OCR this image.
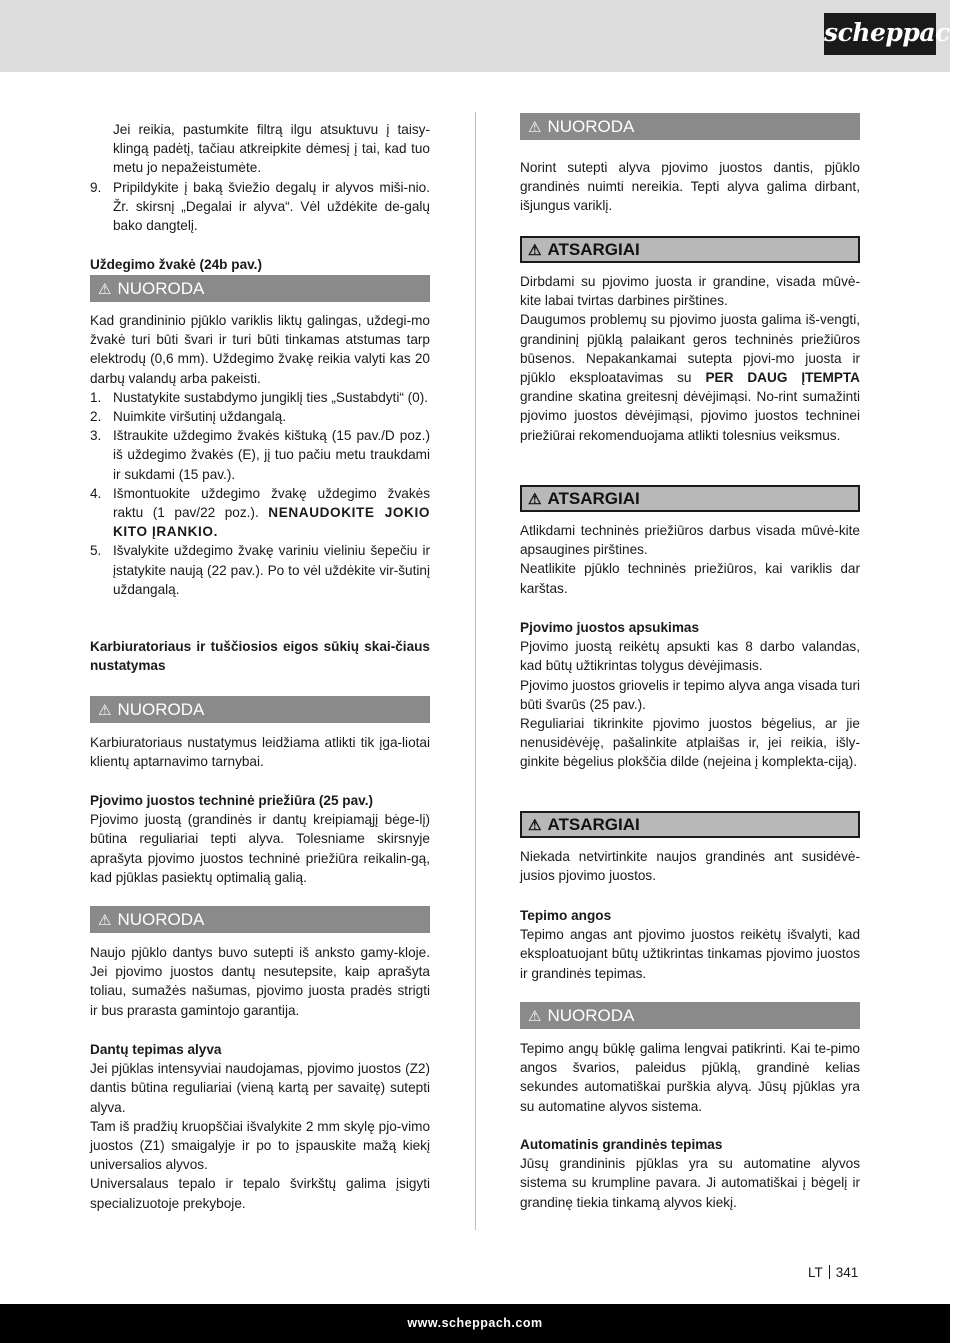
scheppach

Jei reikia, pastumkite filtrą ilgu atsuktuvu į taisy-klingą padėtį, tačiau atkreipkite dėmesį į tai, kad tuo metu jo nepažeistumėte.

9. Pripildykite į baką šviežio degalų ir alyvos miši-nio. Žr. skirsnį „Degalai ir alyva“. Vėl uždėkite de-galų bako dangtelį.

Uždegimo žvakė (24b pav.)

⚠ NUORODA

Kad grandininio pjūklo variklis liktų galingas, uždegi-mo žvakė turi būti švari ir turi būti tinkamas atstumas tarp elektrodų (0,6 mm). Uždegimo žvakę reikia valyti kas 20 darbų valandų arba pakeisti.

1. Nustatykite sustabdymo jungiklį ties „Sustabdyti“ (0).
2. Nuimkite viršutinį uždangalą.
3. Ištraukite uždegimo žvakės kištuką (15 pav./D poz.) iš uždegimo žvakės (E), jį tuo pačiu metu traukdami ir sukdami (15 pav.).
4. Išmontuokite uždegimo žvakę uždegimo žvakės raktu (1 pav/22 poz.). NENAUDOKITE JOKIO KITO ĮRANKIO.
5. Išvalykite uždegimo žvakę variniu vieliniu šepečiu ir įstatykite naują (22 pav.). Po to vėl uždėkite vir-šutinį uždangalą.

Karbiuratoriaus ir tuščiosios eigos sūkių skai-čiaus nustatymas

⚠ NUORODA

Karbiuratoriaus nustatymus leidžiama atlikti tik įga-liotai klientų aptarnavimo tarnybai.

Pjovimo juostos techninė priežiūra (25 pav.)

Pjovimo juostą (grandinės ir dantų kreipiamąjį bėge-lį) būtina reguliariai tepti alyva. Tolesniame skirsnyje aprašyta pjovimo juostos techninė priežiūra reikalin-gą, kad pjūklas pasiektų optimalią galią.

⚠ NUORODA

Naujo pjūklo dantys buvo sutepti iš anksto gamy-kloje. Jei pjovimo juostos dantų nesutepsite, kaip aprašyta toliau, sumažės našumas, pjovimo juosta pradės strigti ir bus prarasta gamintojo garantija.

Dantų tepimas alyva

Jei pjūklas intensyviai naudojamas, pjovimo juostos (Z2) dantis būtina reguliariai (vieną kartą per savaitę) sutepti alyva.

Tam iš pradžių kruopščiai išvalykite 2 mm skylę pjo-vimo juostos (Z1) smaigalyje ir po to įspauskite mažą kiekį universalios alyvos.

Universalaus tepalo ir tepalo švirkštų galima įsigyti specializuotoje prekyboje.

⚠ NUORODA

Norint sutepti alyva pjovimo juostos dantis, pjūklo grandinės nuimti nereikia. Tepti alyva galima dirbant, išjungus variklį.

⚠ ATSARGIAI

Dirbdami su pjovimo juosta ir grandine, visada mūvė-kite labai tvirtas darbines pirštines.

Daugumos problemų su pjovimo juosta galima iš-vengti, grandininį pjūklą palaikant geros techninės priežiūros būsenos. Nepakankamai sutepta pjovi-mo juosta ir pjūklo eksploatavimas su PER DAUG ĮTEMPTA grandine skatina greitesnį dėvėjimąsi. No-rint sumažinti pjovimo juostos dėvėjimąsi, pjovimo juostos techninei priežiūrai rekomenduojama atlikti tolesnius veiksmus.

⚠ ATSARGIAI

Atlikdami techninės priežiūros darbus visada mūvė-kite apsaugines pirštines.

Neatlikite pjūklo techninės priežiūros, kai variklis dar karštas.

Pjovimo juostos apsukimas

Pjovimo juostą reikėtų apsukti kas 8 darbo valandas, kad būtų užtikrintas tolygus dėvėjimasis.

Pjovimo juostos griovelis ir tepimo alyva anga visada turi būti švarūs (25 pav.).

Reguliariai tikrinkite pjovimo juostos bėgelius, ar jie nenusidėvėję, pašalinkite atplaišas ir, jei reikia, išly-ginkite bėgelius plokščia dilde (nejeina į komplekta-ciją).

⚠ ATSARGIAI

Niekada netvirtinkite naujos grandinės ant susidėvė-jusios pjovimo juostos.

Tepimo angos

Tepimo angas ant pjovimo juostos reikėtų išvalyti, kad eksploatuojant būtų užtikrintas tinkamas pjovimo juostos ir grandinės tepimas.

⚠ NUORODA

Tepimo angų būklę galima lengvai patikrinti. Kai te-pimo angos švarios, paleidus pjūklą, grandinė kelias sekundes automatiškai purškia alyvą. Jūsų pjūklas yra su automatine alyvos sistema.

Automatinis grandinės tepimas

Jūsų grandininis pjūklas yra su automatine alyvos sistema su krumpline pavara. Ji automatiškai į bėgelį ir grandinę tiekia tinkamą alyvos kiekį.

LT 341
www.scheppach.com
